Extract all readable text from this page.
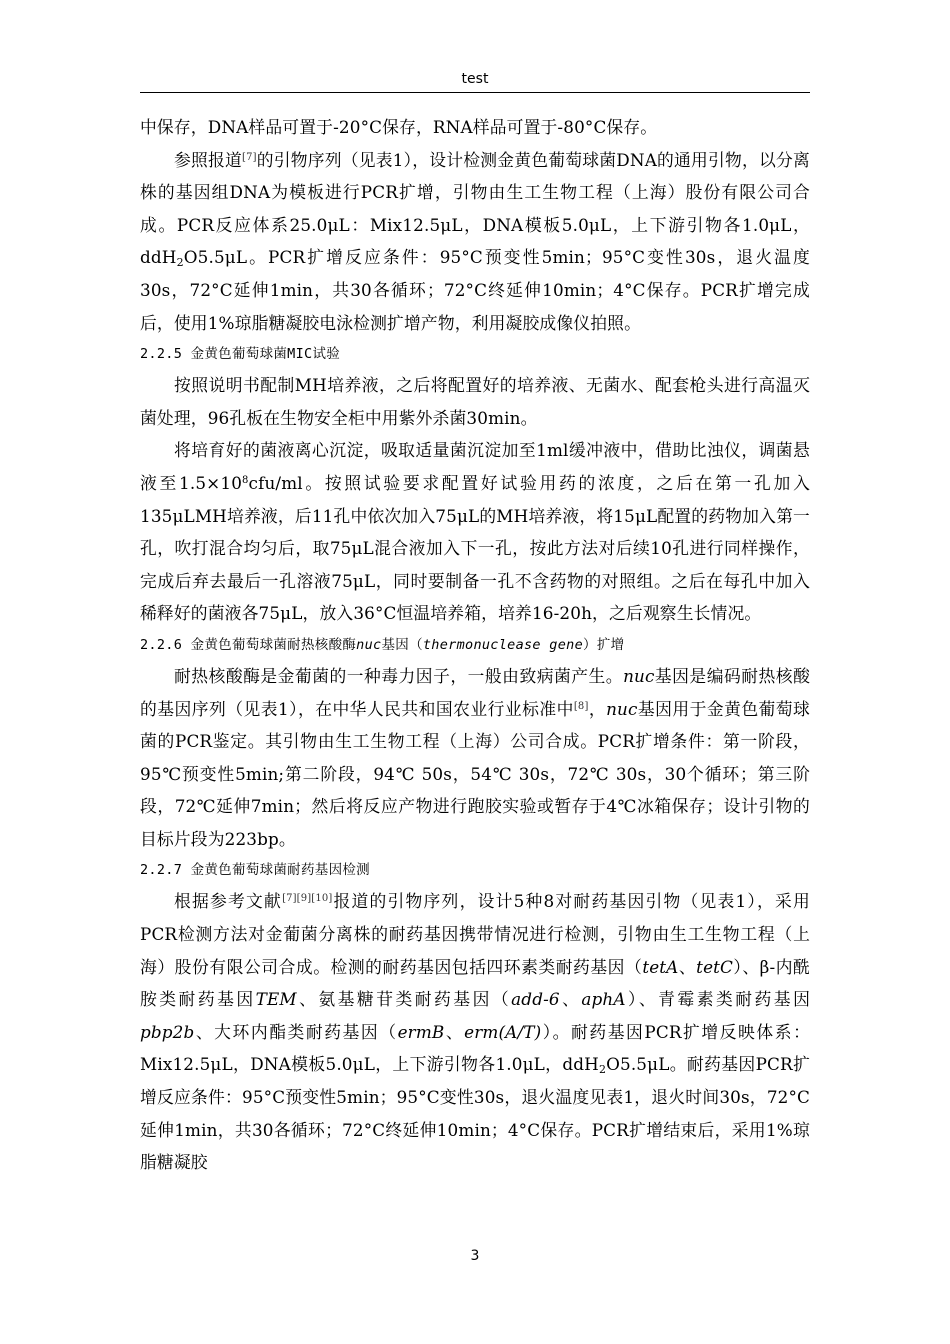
test

中保存，DNA样品可置于-20°C保存，RNA样品可置于-80°C保存。

参照报道[7]的引物序列（见表1），设计检测金黄色葡萄球菌DNA的通用引物，以分离株的基因组DNA为模板进行PCR扩增，引物由生工生物工程（上海）股份有限公司合成。PCR反应体系25.0μL：Mix12.5μL，DNA模板5.0μL，上下游引物各1.0μL，ddH$_2$O5.5μL。PCR扩增反应条件：95°C预变性5min；95°C变性30s，退火温度30s，72°C延伸1min，共30各循环；72°C终延伸10min；4°C保存。PCR扩增完成后，使用1%琼脂糖凝胶电泳检测扩增产物，利用凝胶成像仪拍照。

2.2.5 金黄色葡萄球菌MIC试验

按照说明书配制MH培养液，之后将配置好的培养液、无菌水、配套枪头进行高温灭菌处理，96孔板在生物安全柜中用紫外杀菌30min。

将培育好的菌液离心沉淀，吸取适量菌沉淀加至1ml缓冲液中，借助比浊仪，调菌悬液至$1.5\times 10^8cfu/ml$。按照试验要求配置好试验用药的浓度，之后在第一孔加入135μLMH培养液，后11孔中依次加入75μL的MH培养液，将15μL配置的药物加入第一孔，吹打混合均匀后，取75μL混合液加入下一孔，按此方法对后续10孔进行同样操作，完成后弃去最后一孔溶液75μL，同时要制备一孔不含药物的对照组。之后在每孔中加入稀释好的菌液各75μL，放入36°C恒温培养箱，培养16-20h，之后观察生长情况。

2.2.6 金黄色葡萄球菌耐热核酸酶nuc基因（thermonuclease gene）扩增

耐热核酸酶是金葡菌的一种毒力因子，一般由致病菌产生。nuc基因是编码耐热核酸的基因序列（见表1），在中华人民共和国农业行业标准中[8]，nuc基因用于金黄色葡萄球菌的PCR鉴定。其引物由生工生物工程（上海）公司合成。PCR扩增条件：第一阶段，95℃预变性5min;第二阶段，94℃ 50s，54℃ 30s，72℃ 30s，30个循环；第三阶段，72℃延伸7min；然后将反应产物进行跑胶实验或暂存于4℃冰箱保存；设计引物的目标片段为223bp。

2.2.7 金黄色葡萄球菌耐药基因检测

根据参考文献[7][9][10]报道的引物序列，设计5种8对耐药基因引物（见表1），采用PCR检测方法对金葡菌分离株的耐药基因携带情况进行检测，引物由生工生物工程（上海）股份有限公司合成。检测的耐药基因包括四环素类耐药基因（tetA、tetC）、β-内酰胺类耐药基因TEM、氨基糖苷类耐药基因（add-6、aphA）、青霉素类耐药基因pbp2b、大环内酯类耐药基因（ermB、erm(A/T)）。耐药基因PCR扩增反映体系：Mix12.5μL，DNA模板5.0μL，上下游引物各1.0μL，ddH$_2$O5.5μL。耐药基因PCR扩增反应条件：95°C预变性5min；95°C变性30s，退火温度见表1，退火时间30s，72°C延伸1min，共30各循环；72°C终延伸10min；4°C保存。PCR扩增结束后，采用1%琼脂糖凝胶

3
